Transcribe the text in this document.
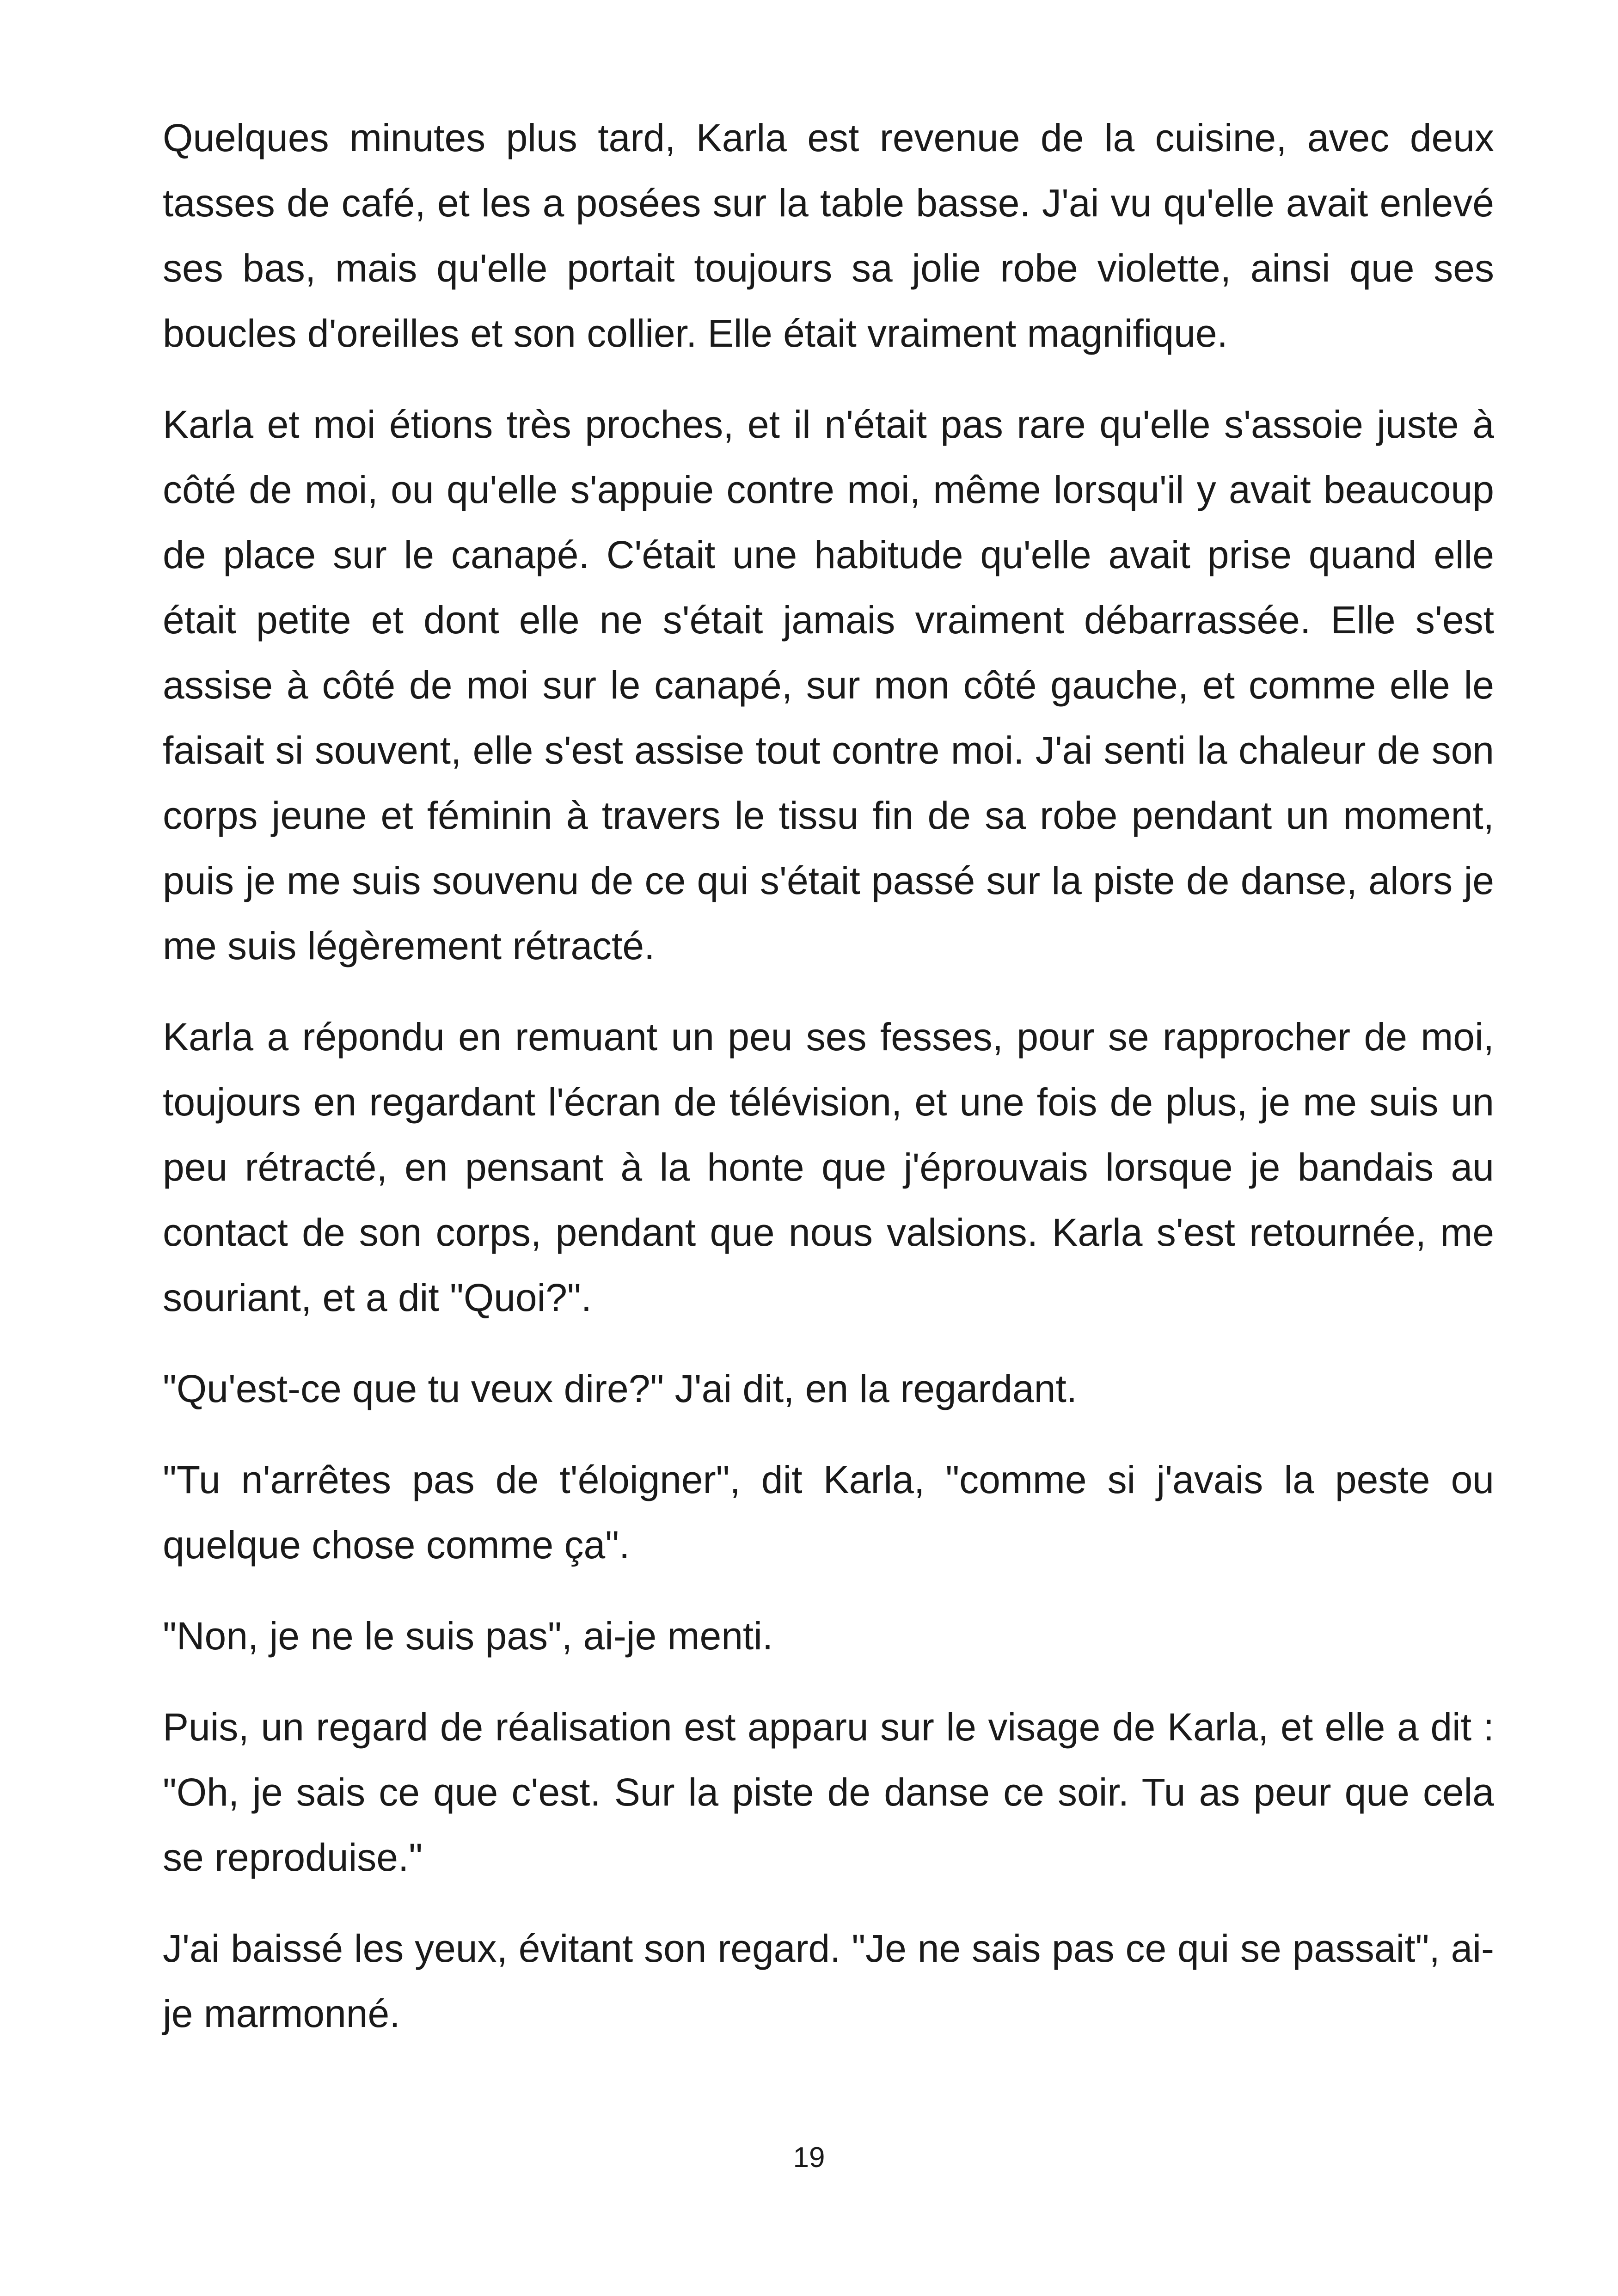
Quelques minutes plus tard, Karla est revenue de la cuisine, avec deux tasses de café, et les a posées sur la table basse. J'ai vu qu'elle avait enlevé ses bas, mais qu'elle portait toujours sa jolie robe violette, ainsi que ses boucles d'oreilles et son collier. Elle était vraiment magnifique.

Karla et moi étions très proches, et il n'était pas rare qu'elle s'assoie juste à côté de moi, ou qu'elle s'appuie contre moi, même lorsqu'il y avait beaucoup de place sur le canapé. C'était une habitude qu'elle avait prise quand elle était petite et dont elle ne s'était jamais vraiment débarrassée. Elle s'est assise à côté de moi sur le canapé, sur mon côté gauche, et comme elle le faisait si souvent, elle s'est assise tout contre moi. J'ai senti la chaleur de son corps jeune et féminin à travers le tissu fin de sa robe pendant un moment, puis je me suis souvenu de ce qui s'était passé sur la piste de danse, alors je me suis légèrement rétracté.

Karla a répondu en remuant un peu ses fesses, pour se rapprocher de moi, toujours en regardant l'écran de télévision, et une fois de plus, je me suis un peu rétracté, en pensant à la honte que j'éprouvais lorsque je bandais au contact de son corps, pendant que nous valsions. Karla s'est retournée, me souriant, et a dit "Quoi?".

"Qu'est-ce que tu veux dire?" J'ai dit, en la regardant.

"Tu n'arrêtes pas de t'éloigner", dit Karla, "comme si j'avais la peste ou quelque chose comme ça".

"Non, je ne le suis pas", ai-je menti.

Puis, un regard de réalisation est apparu sur le visage de Karla, et elle a dit : "Oh, je sais ce que c'est. Sur la piste de danse ce soir. Tu as peur que cela se reproduise."

J'ai baissé les yeux, évitant son regard. "Je ne sais pas ce qui se passait", ai-je marmonné.

19
